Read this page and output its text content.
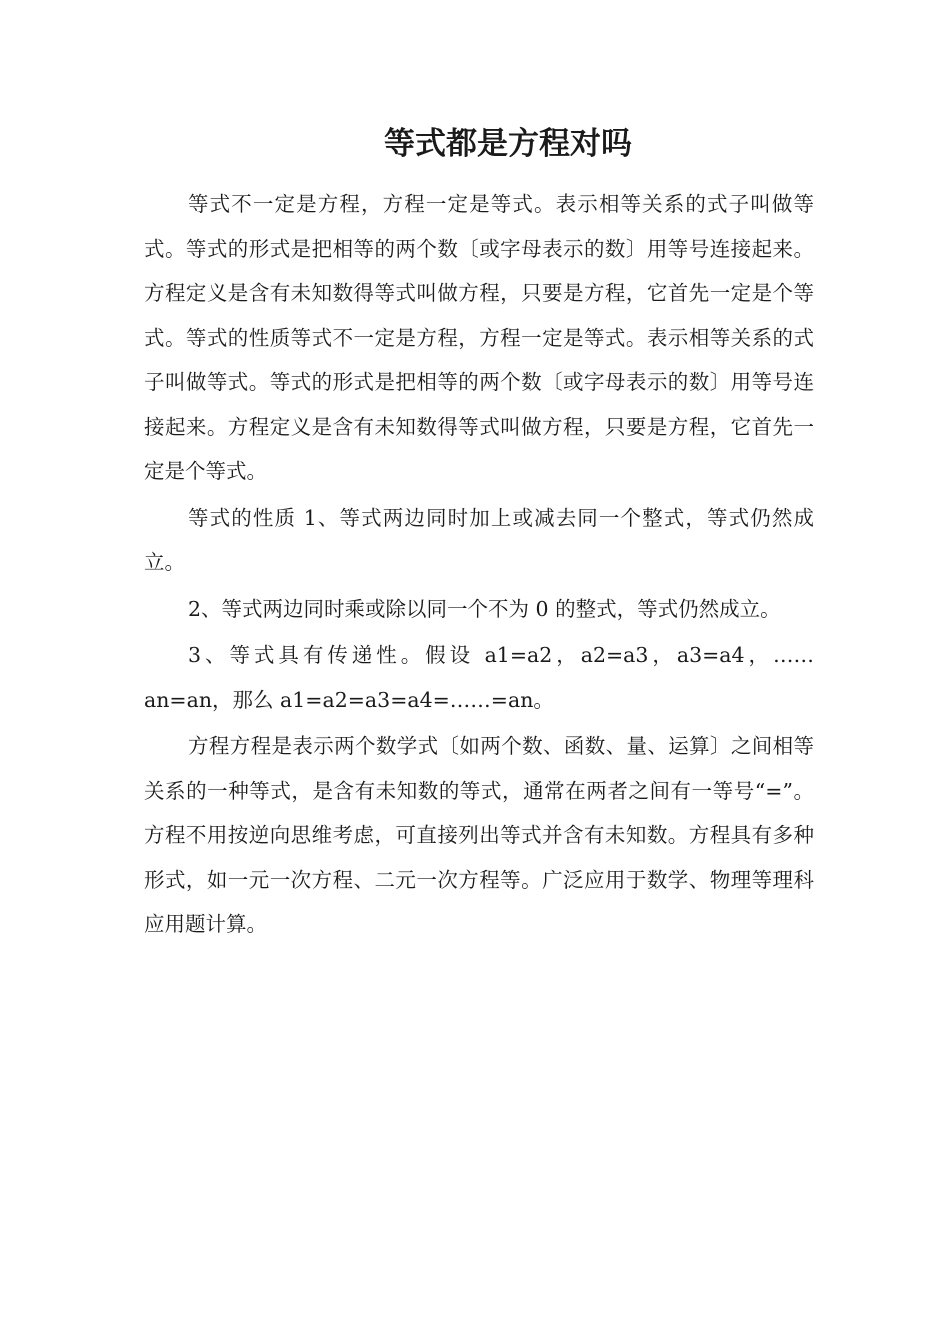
等式都是方程对吗

等式不一定是方程，方程一定是等式。表示相等关系的式子叫做等式。等式的形式是把相等的两个数〔或字母表示的数〕用等号连接起来。方程定义是含有未知数得等式叫做方程，只要是方程，它首先一定是个等式。等式的性质等式不一定是方程，方程一定是等式。表示相等关系的式子叫做等式。等式的形式是把相等的两个数〔或字母表示的数〕用等号连接起来。方程定义是含有未知数得等式叫做方程，只要是方程，它首先一定是个等式。

等式的性质 1、等式两边同时加上或减去同一个整式，等式仍然成立。

2、等式两边同时乘或除以同一个不为 0 的整式，等式仍然成立。

3、等式具有传递性。假设 a1=a2，a2=a3，a3=a4，……an=an，那么 a1=a2=a3=a4=……=an。

方程方程是表示两个数学式〔如两个数、函数、量、运算〕之间相等关系的一种等式，是含有未知数的等式，通常在两者之间有一等号“=”。方程不用按逆向思维考虑，可直接列出等式并含有未知数。方程具有多种形式，如一元一次方程、二元一次方程等。广泛应用于数学、物理等理科应用题计算。
